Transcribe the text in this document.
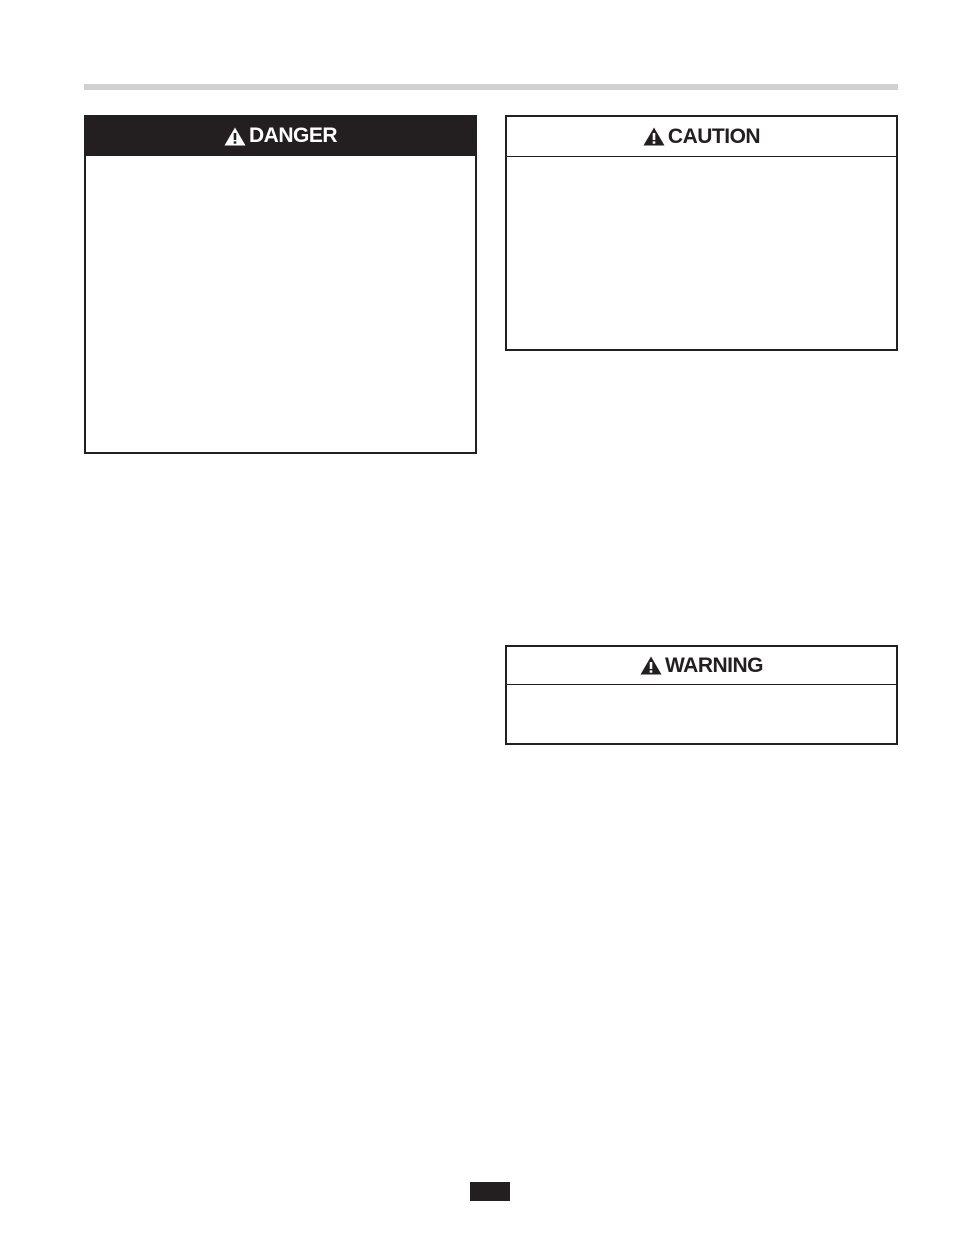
DANGER	CAUTION
WARNING
